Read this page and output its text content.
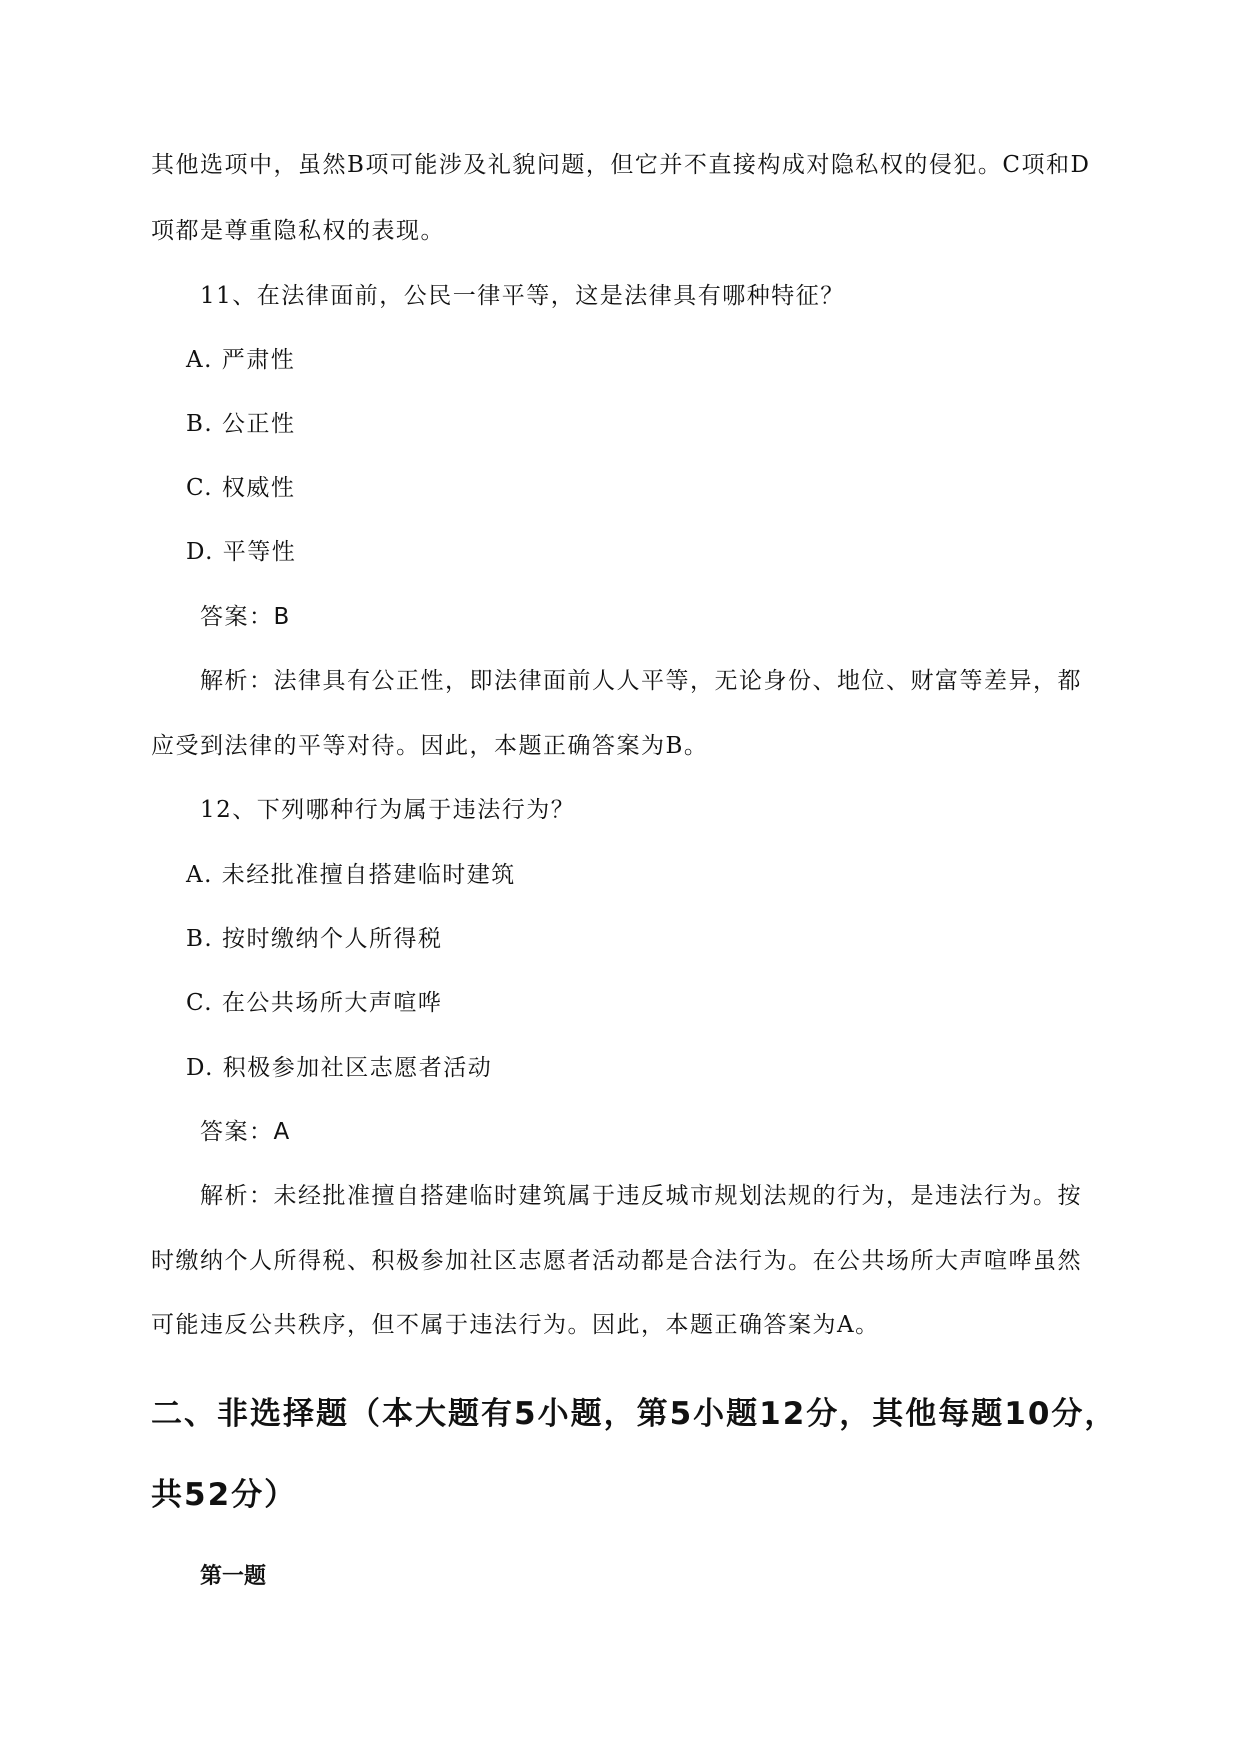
其他选项中，虽然B项可能涉及礼貌问题，但它并不直接构成对隐私权的侵犯。C项和D
项都是尊重隐私权的表现。
11、在法律面前，公民一律平等，这是法律具有哪种特征？
A. 严肃性
B. 公正性
C. 权威性
D. 平等性
答案：B
解析：法律具有公正性，即法律面前人人平等，无论身份、地位、财富等差异，都
应受到法律的平等对待。因此，本题正确答案为B。
12、下列哪种行为属于违法行为？
A. 未经批准擅自搭建临时建筑
B. 按时缴纳个人所得税
C. 在公共场所大声喧哗
D. 积极参加社区志愿者活动
答案：A
解析：未经批准擅自搭建临时建筑属于违反城市规划法规的行为，是违法行为。按
时缴纳个人所得税、积极参加社区志愿者活动都是合法行为。在公共场所大声喧哗虽然
可能违反公共秩序，但不属于违法行为。因此，本题正确答案为A。
二、非选择题（本大题有5小题，第5小题12分，其他每题10分，
共52分）
第一题
